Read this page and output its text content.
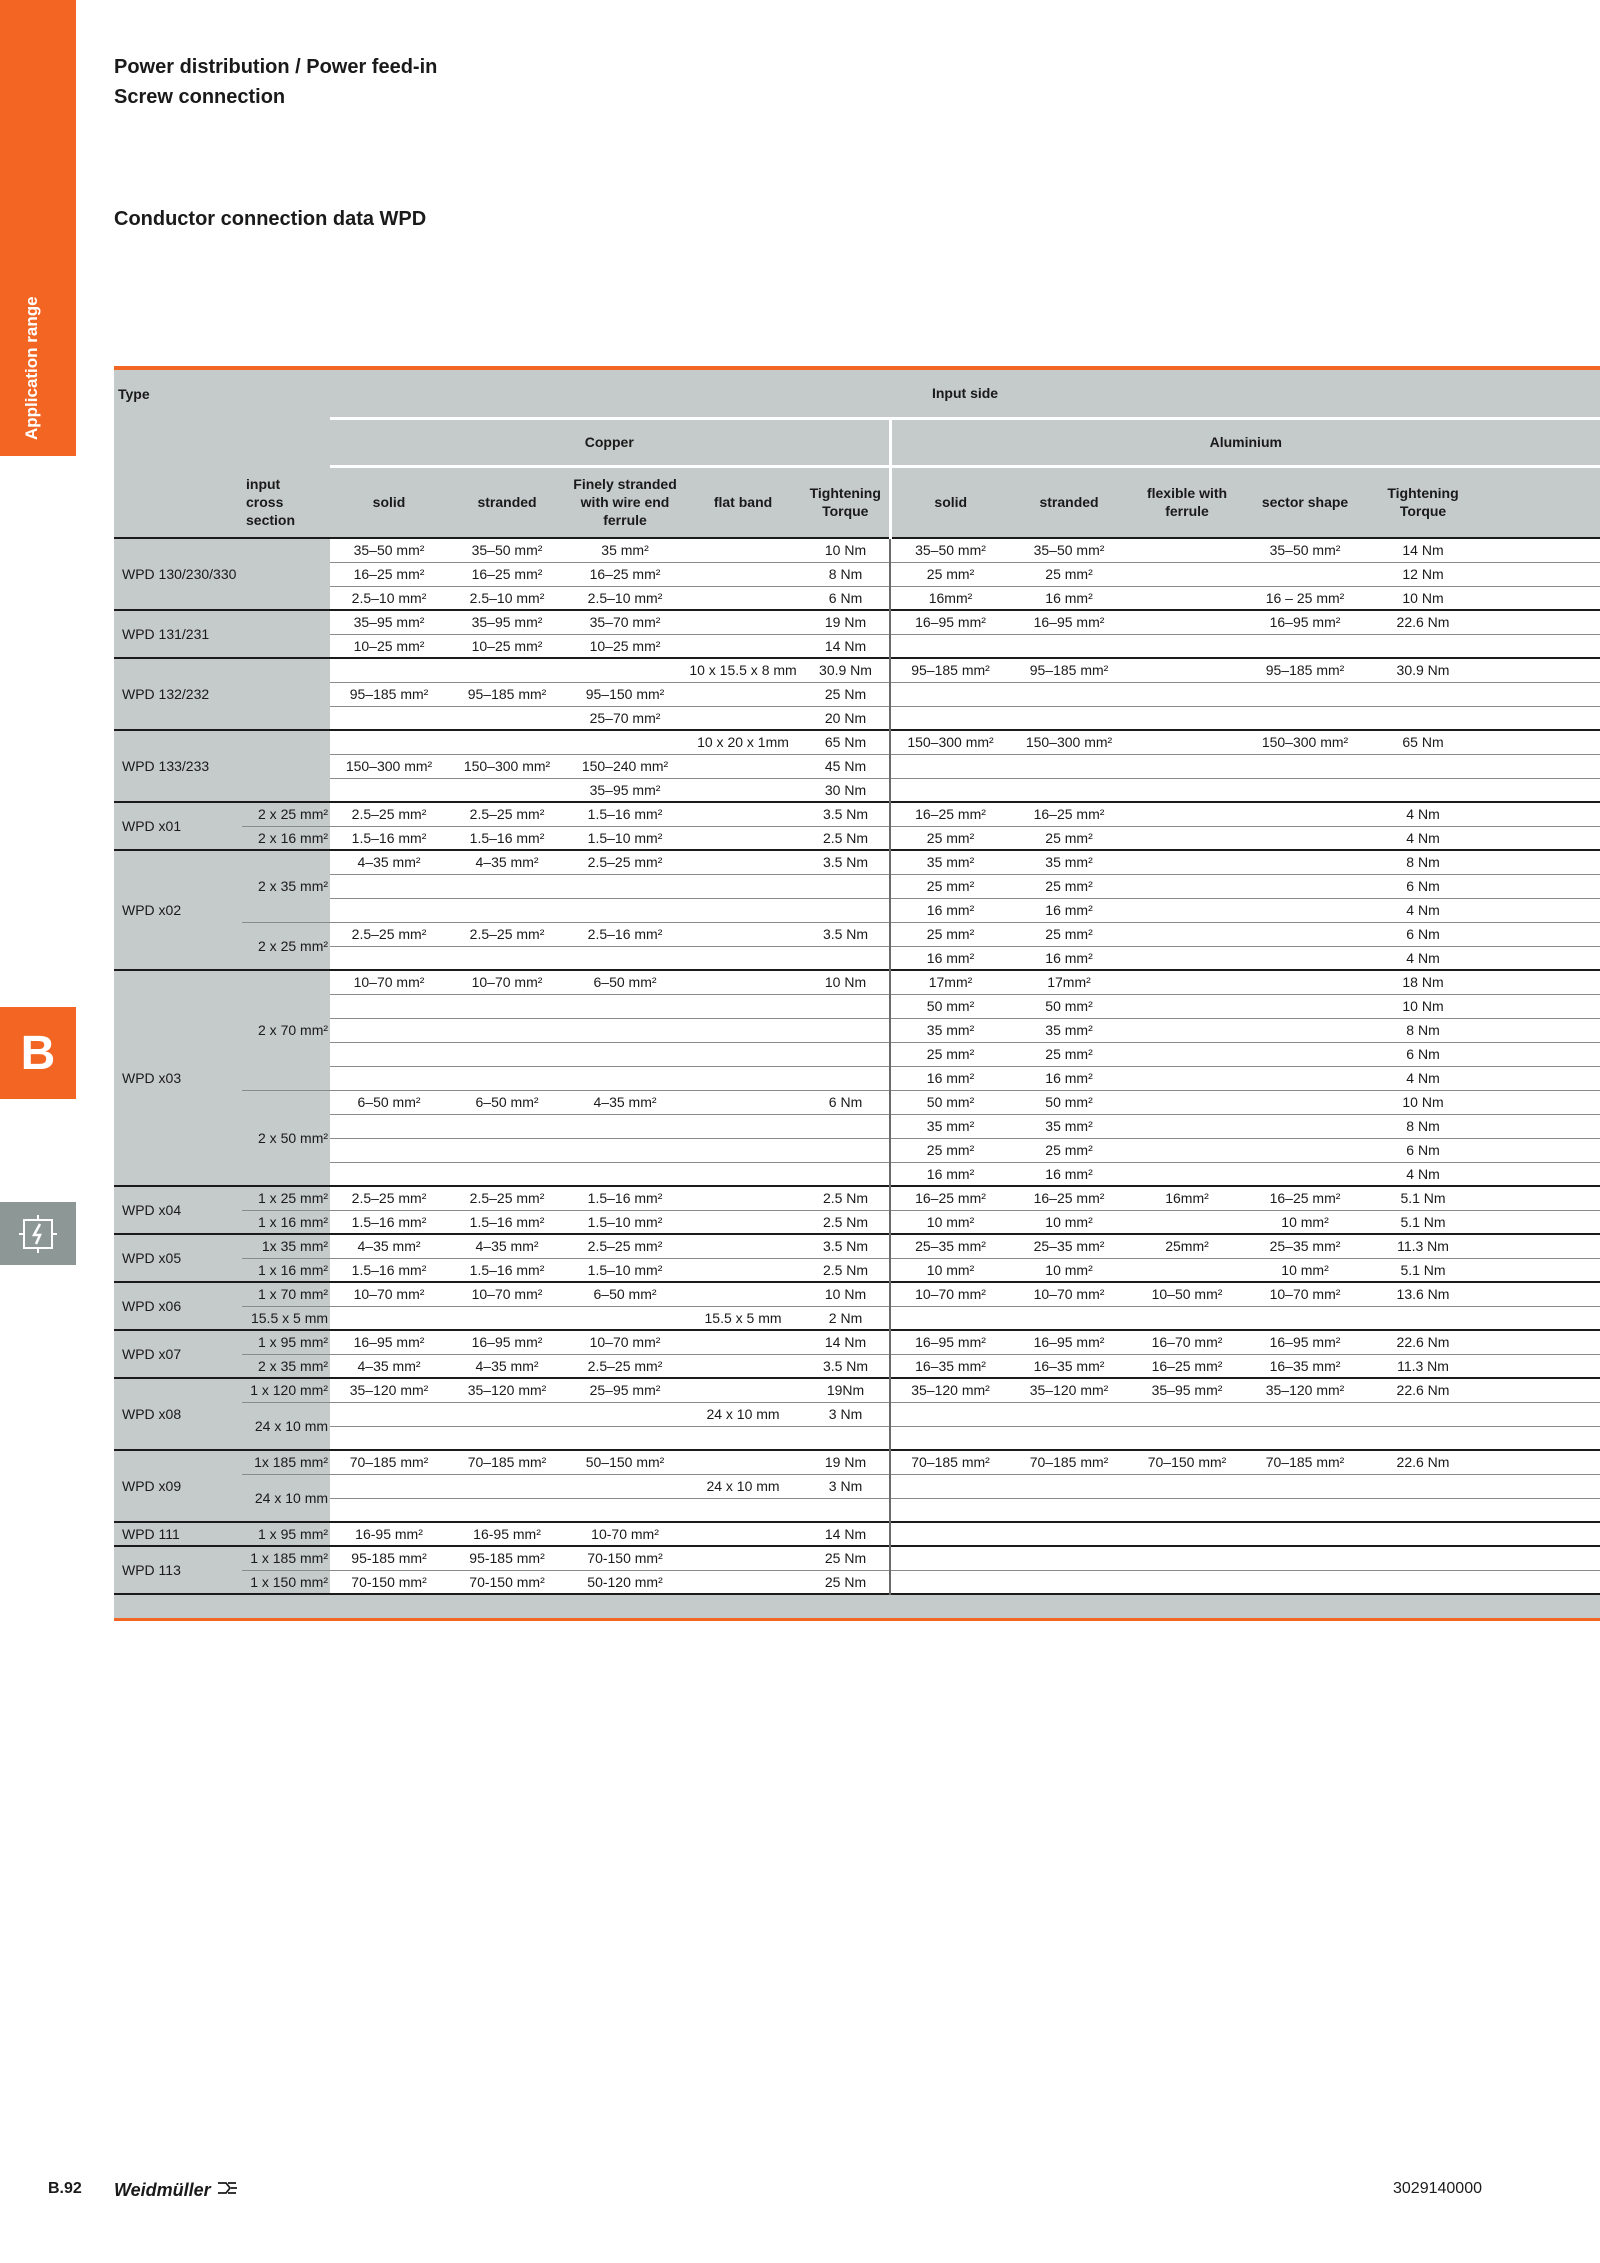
Application range
B
Power distribution / Power feed-in
Screw connection
Conductor connection data WPD
Type		Input side										
		Copper					Aluminium					
	input
cross section	solid	stranded	Finely stranded with wire end ferrule	flat band	Tightening Torque	solid	stranded	flexible with ferrule	sector shape	Tightening Torque	
WPD 130/230/330		35–50 mm²	35–50 mm²	35 mm²		10 Nm	35–50 mm²	35–50 mm²		35–50 mm²	14 Nm	
		16–25 mm²	16–25 mm²	16–25 mm²		8 Nm	25 mm²	25 mm²			12 Nm	
		2.5–10 mm²	2.5–10 mm²	2.5–10 mm²		6 Nm	16mm²	16 mm²		16 – 25 mm²	10 Nm	
WPD 131/231		35–95 mm²	35–95 mm²	35–70 mm²		19 Nm	16–95 mm²	16–95 mm²		16–95 mm²	22.6 Nm	
		10–25 mm²	10–25 mm²	10–25 mm²		14 Nm						
WPD 132/232					10 x 15.5 x 8 mm	30.9 Nm	95–185 mm²	95–185 mm²		95–185 mm²	30.9 Nm	
		95–185 mm²	95–185 mm²	95–150 mm²		25 Nm						
				25–70 mm²		20 Nm						
WPD 133/233					10 x 20 x 1mm	65 Nm	150–300 mm²	150–300 mm²		150–300 mm²	65 Nm	
		150–300 mm²	150–300 mm²	150–240 mm²		45 Nm						
				35–95 mm²		30 Nm						
WPD x01	2 x 25 mm²	2.5–25 mm²	2.5–25 mm²	1.5–16 mm²		3.5 Nm	16–25 mm²	16–25 mm²			4 Nm	
	2 x 16 mm²	1.5–16 mm²	1.5–16 mm²	1.5–10 mm²		2.5 Nm	25 mm²	25 mm²			4 Nm	
WPD x02	2 x 35 mm²	4–35 mm²	4–35 mm²	2.5–25 mm²		3.5 Nm	35 mm²	35 mm²			8 Nm	
							25 mm²	25 mm²			6 Nm	
							16 mm²	16 mm²			4 Nm	
	2 x 25 mm²	2.5–25 mm²	2.5–25 mm²	2.5–16 mm²		3.5 Nm	25 mm²	25 mm²			6 Nm	
							16 mm²	16 mm²			4 Nm	
WPD x03	2 x 70 mm²	10–70 mm²	10–70 mm²	6–50 mm²		10 Nm	17mm²	17mm²			18 Nm	
							50 mm²	50 mm²			10 Nm	
							35 mm²	35 mm²			8 Nm	
							25 mm²	25 mm²			6 Nm	
							16 mm²	16 mm²			4 Nm	
	2 x 50 mm²	6–50 mm²	6–50 mm²	4–35 mm²		6 Nm	50 mm²	50 mm²			10 Nm	
							35 mm²	35 mm²			8 Nm	
							25 mm²	25 mm²			6 Nm	
							16 mm²	16 mm²			4 Nm	
WPD x04	1 x 25 mm²	2.5–25 mm²	2.5–25 mm²	1.5–16 mm²		2.5 Nm	16–25 mm²	16–25 mm²	16mm²	16–25 mm²	5.1 Nm	
	1 x 16 mm²	1.5–16 mm²	1.5–16 mm²	1.5–10 mm²		2.5 Nm	10 mm²	10 mm²		10 mm²	5.1 Nm	
WPD x05	1x 35 mm²	4–35 mm²	4–35 mm²	2.5–25 mm²		3.5 Nm	25–35 mm²	25–35 mm²	25mm²	25–35 mm²	11.3 Nm	
	1 x 16 mm²	1.5–16 mm²	1.5–16 mm²	1.5–10 mm²		2.5 Nm	10 mm²	10 mm²		10 mm²	5.1 Nm	
WPD x06	1 x 70 mm²	10–70 mm²	10–70 mm²	6–50 mm²		10 Nm	10–70 mm²	10–70 mm²	10–50 mm²	10–70 mm²	13.6 Nm	
	15.5 x 5 mm				15.5 x 5 mm	2 Nm						
WPD x07	1 x 95 mm²	16–95 mm²	16–95 mm²	10–70 mm²		14 Nm	16–95 mm²	16–95 mm²	16–70 mm²	16–95 mm²	22.6 Nm	
	2 x 35 mm²	4–35 mm²	4–35 mm²	2.5–25 mm²		3.5 Nm	16–35 mm²	16–35 mm²	16–25 mm²	16–35 mm²	11.3 Nm	
WPD x08	1 x 120 mm²	35–120 mm²	35–120 mm²	25–95 mm²		19Nm	35–120 mm²	35–120 mm²	35–95 mm²	35–120 mm²	22.6 Nm	
	24 x 10 mm				24 x 10 mm	3 Nm						

WPD x09	1x 185 mm²	70–185 mm²	70–185 mm²	50–150 mm²		19 Nm	70–185 mm²	70–185 mm²	70–150 mm²	70–185 mm²	22.6 Nm	
	24 x 10 mm				24 x 10 mm	3 Nm						

WPD 111	1 x 95 mm²	16-95 mm²	16-95 mm²	10-70 mm²		14 Nm						
WPD 113	1 x 185 mm²	95-185 mm²	95-185 mm²	70-150 mm²		25 Nm						
	1 x 150 mm²	70-150 mm²	70-150 mm²	50-120 mm²		25 Nm						

B.92 Weidmüller	3029140000
